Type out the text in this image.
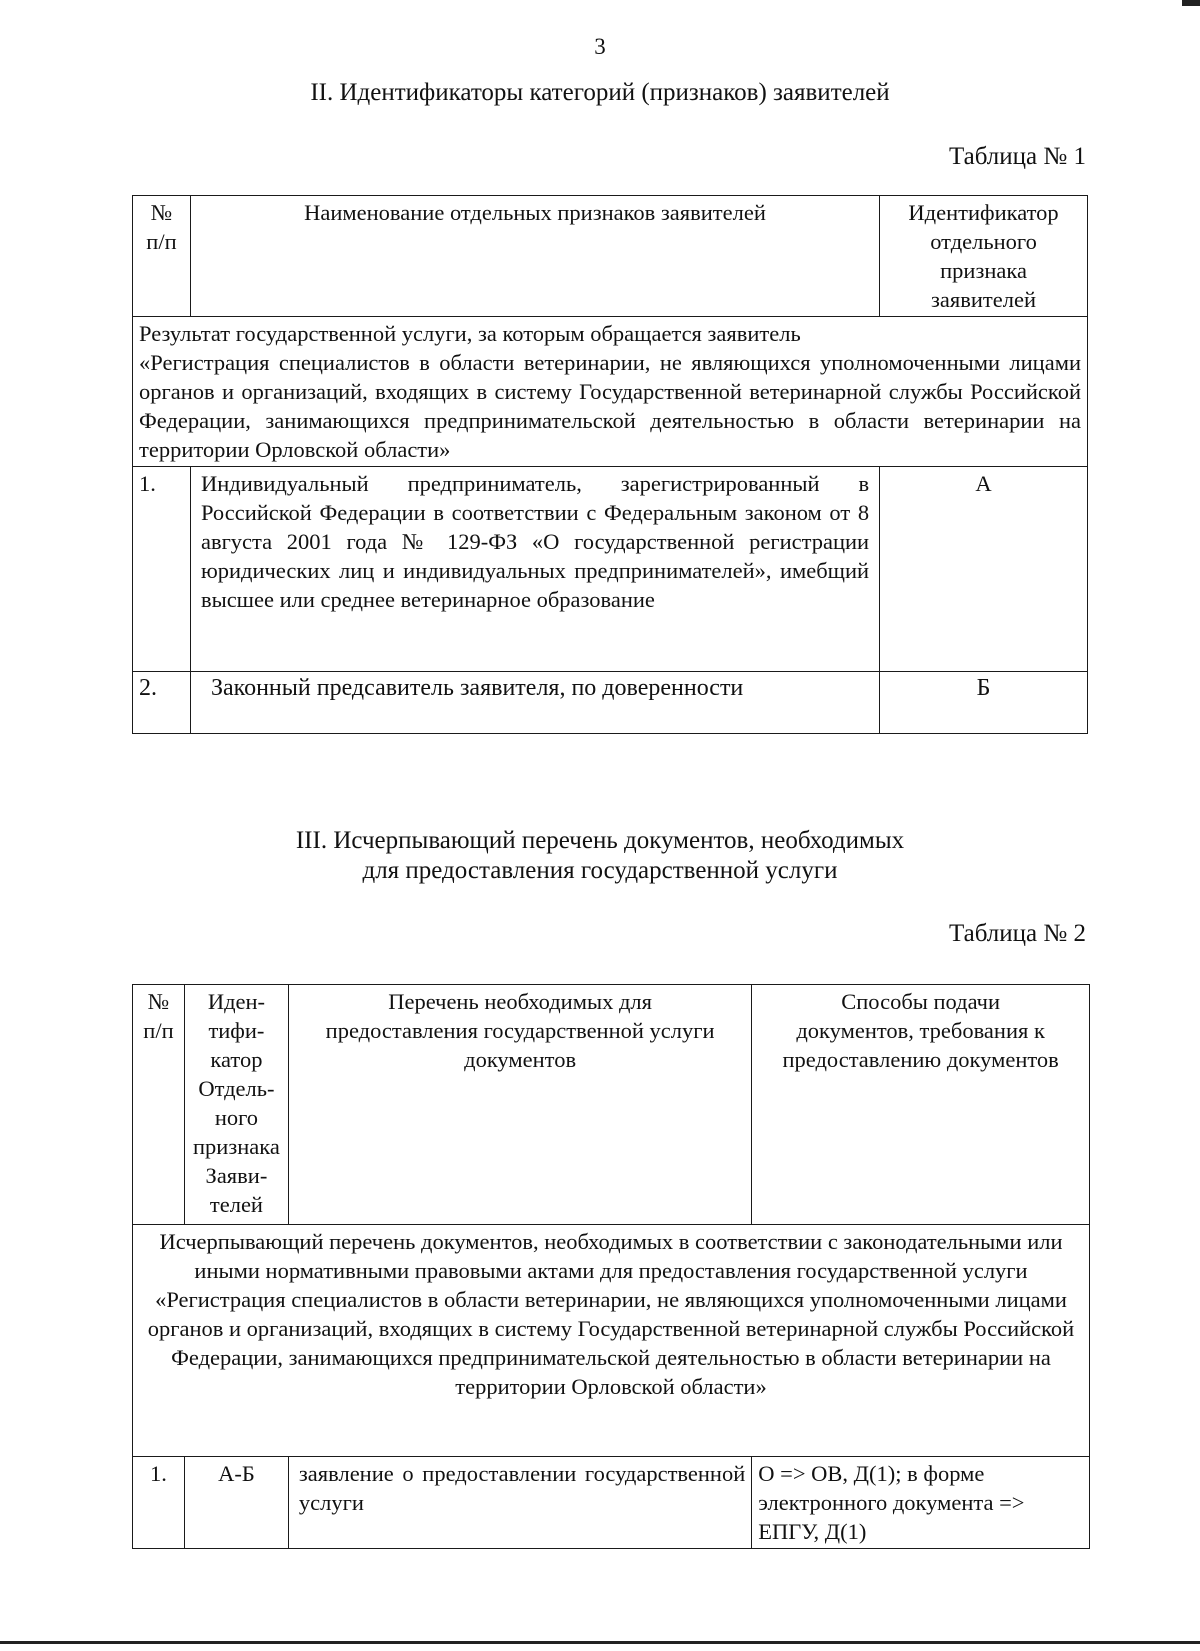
3
II. Идентификаторы категорий (признаков) заявителей
Таблица № 1
№ п/п	Наименование отдельных признаков заявителей	Идентификатор отдельного признака заявителей

Результат государственной услуги, за которым обращается заявитель
«Регистрация специалистов в области ветеринарии, не являющихся уполномоченными лицами органов и организаций, входящих в систему Государственной ветеринарной службы Российской Федерации, занимающихся предпринимательской деятельностью в области ветеринарии на территории Орловской области»		

1.	Индивидуальный предприниматель, зарегистрированный в Российской Федерации в соответствии с Федеральным законом от 8 августа 2001 года № 129-ФЗ «О государственной регистрации юридических лиц и индивидуальных предпринимателей», имебщий высшее или среднее ветеринарное образование	А
2.	Законный предсавитель заявителя, по доверенности	Б
III. Исчерпывающий перечень документов, необходимых
для предоставления государственной услуги
Таблица № 2
№ п/п	Иден- тифи- катор Отдель- ного признака Заяви- телей	Перечень необходимых для предоставления государственной услуги документов	Способы подачи документов, требования к предоставлению документов
Исчерпывающий перечень документов, необходимых в соответствии с законодательными или иными нормативными правовыми актами для предоставления государственной услуги «Регистрация специалистов в области ветеринарии, не являющихся уполномоченными лицами органов и организаций, входящих в систему Государственной ветеринарной службы Российской Федерации, занимающихся предпринимательской деятельностью в области ветеринарии на территории Орловской области»			
1.	А-Б	заявление о предоставлении государственной услуги	О => ОВ, Д(1); в форме электронного документа => ЕПГУ, Д(1)
